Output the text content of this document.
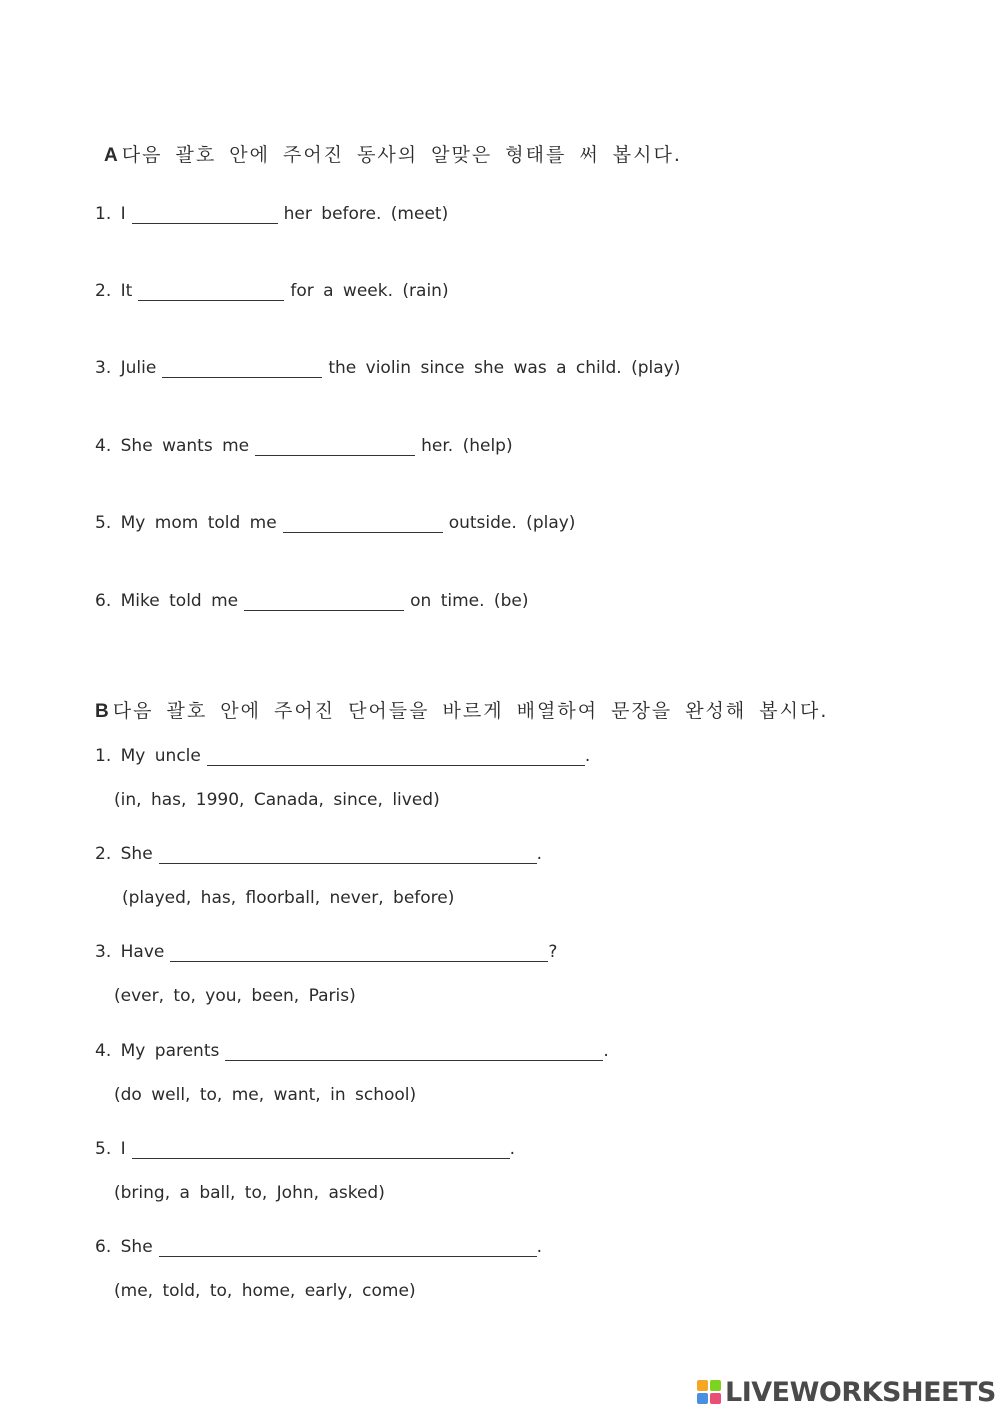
A 다음 괄호 안에 주어진 동사의 알맞은 형태를 써 봅시다.
1. I	her before. (meet)
2. It	for a week. (rain)
3. Julie	the violin since she was a child. (play)
4. She wants me	her. (help)
5. My mom told me	outside. (play)
6. Mike told me	on time. (be)
B 다음 괄호 안에 주어진 단어들을 바르게 배열하여 문장을 완성해 봅시다.
1. My uncle	.
(in, has, 1990, Canada, since, lived)
2. She	.
(played, has, floorball, never, before)
3. Have	?
(ever, to, you, been, Paris)
4. My parents	.
(do well, to, me, want, in school)
5. I	.
(bring, a ball, to, John, asked)
6. She	.
(me, told, to, home, early, come)
LIVEWORKSHEETS
